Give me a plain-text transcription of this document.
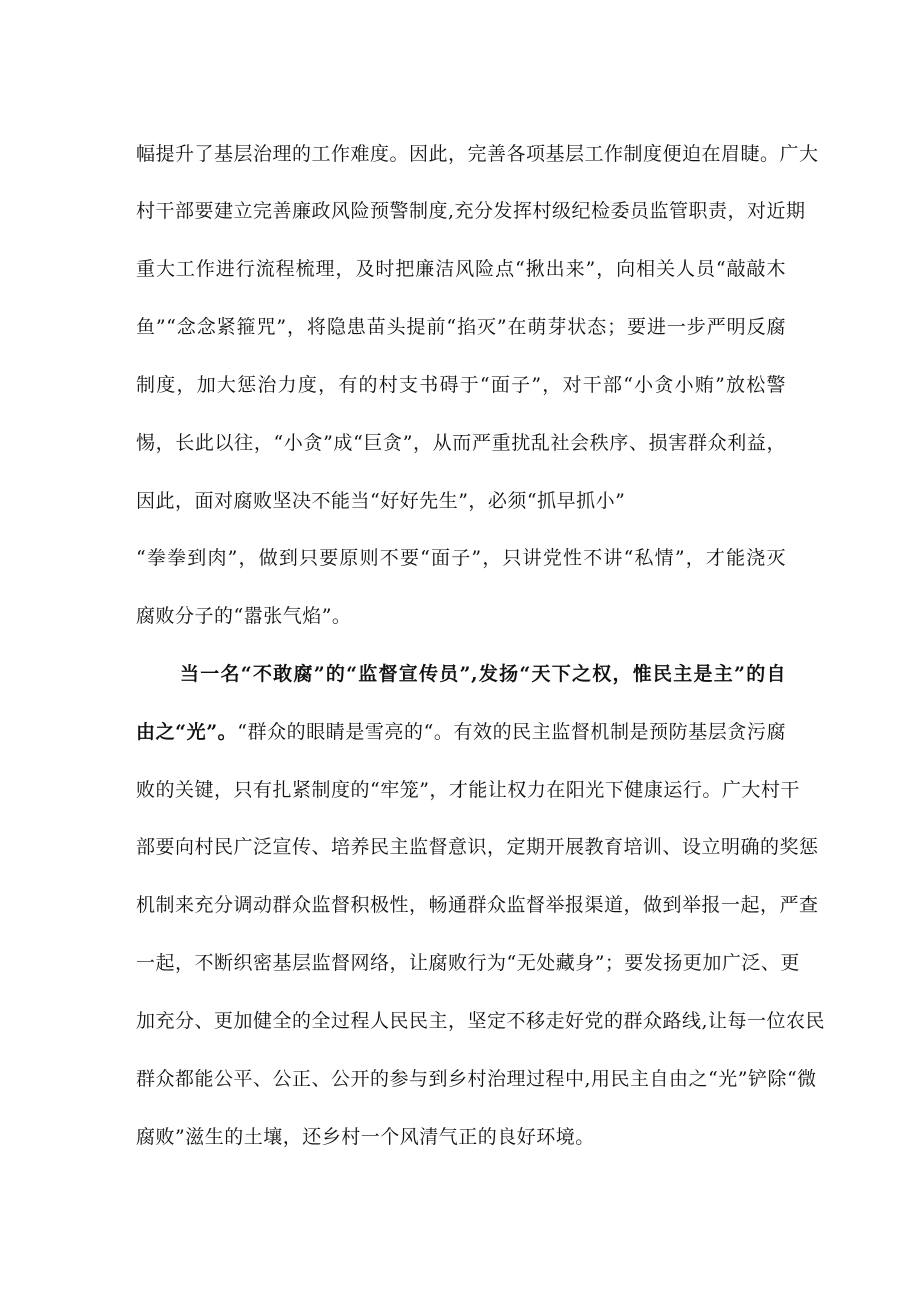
幅提升了基层治理的工作难度。因此，完善各项基层工作制度便迫在眉睫。广大
村干部要建立完善廉政风险预警制度,充分发挥村级纪检委员监管职责，对近期
重大工作进行流程梳理，及时把廉洁风险点“揪出来”，向相关人员“敲敲木
鱼”“念念紧箍咒”，将隐患苗头提前“掐灭”在萌芽状态；要进一步严明反腐
制度，加大惩治力度，有的村支书碍于“面子”，对干部“小贪小贿”放松警
惕，长此以往，“小贪”成“巨贪”，从而严重扰乱社会秩序、损害群众利益，
因此，面对腐败坚决不能当“好好先生”，必须“抓早抓小”
“拳拳到肉”，做到只要原则不要“面子”，只讲党性不讲“私情”，才能浇灭
腐败分子的“嚣张气焰”。
当一名“不敢腐”的“监督宣传员”,发扬“天下之权，惟民主是主”的自
由之“光”。“群众的眼睛是雪亮的“。有效的民主监督机制是预防基层贪污腐
败的关键，只有扎紧制度的“牢笼”，才能让权力在阳光下健康运行。广大村干
部要向村民广泛宣传、培养民主监督意识，定期开展教育培训、设立明确的奖惩
机制来充分调动群众监督积极性，畅通群众监督举报渠道，做到举报一起，严查
一起，不断织密基层监督网络，让腐败行为“无处藏身”；要发扬更加广泛、更
加充分、更加健全的全过程人民民主，坚定不移走好党的群众路线,让每一位农民
群众都能公平、公正、公开的参与到乡村治理过程中,用民主自由之“光”铲除“微
腐败”滋生的土壤，还乡村一个风清气正的良好环境。
